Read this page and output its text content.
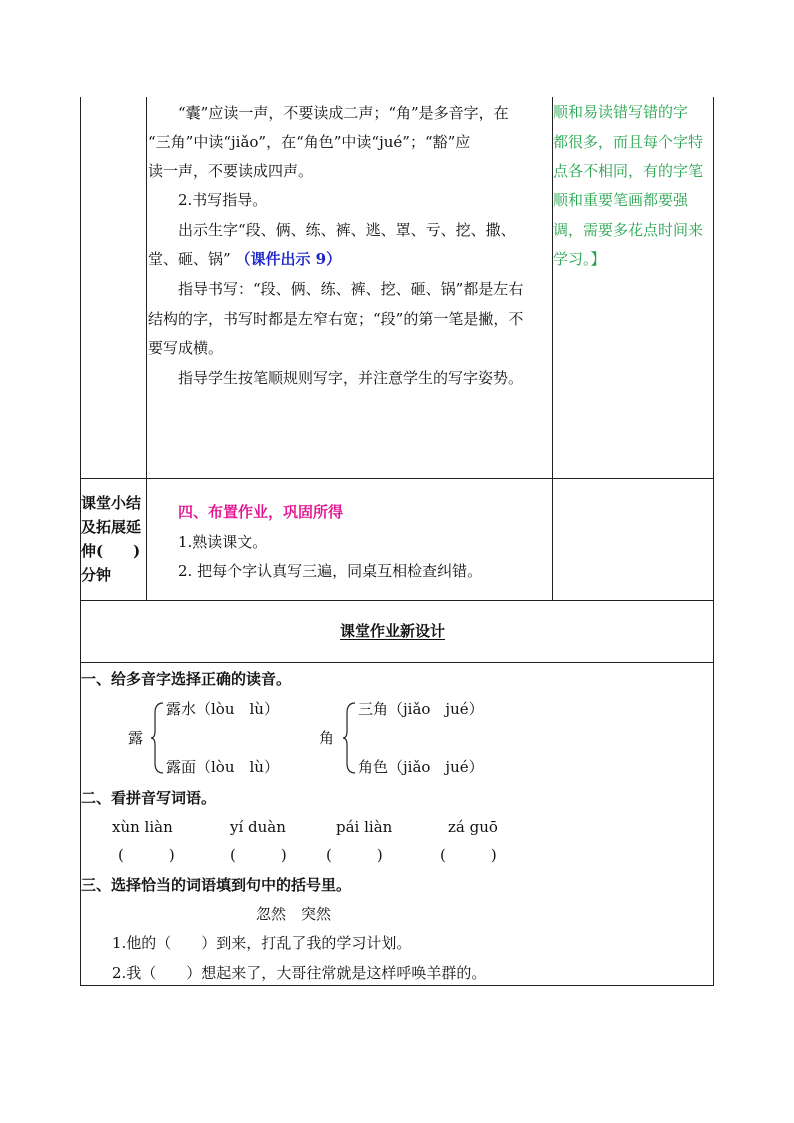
“囊”应读一声，不要读成二声；“角”是多音字，在
“三角”中读“jiǎo”，在“角色”中读“jué”；“豁”应
读一声，不要读成四声。
2.书写指导。
出示生字“段、俩、练、裤、逃、罩、亏、挖、撒、
堂、砸、锅” （课件出示 9）
指导书写：“段、俩、练、裤、挖、砸、锅”都是左右
结构的字，书写时都是左窄右宽；“段”的第一笔是撇，不
要写成横。
指导学生按笔顺规则写字，并注意学生的写字姿势。
顺和易读错写错的字
都很多，而且每个字特
点各不相同，有的字笔
顺和重要笔画都要强
调，需要多花点时间来
学习。】
课堂小结
及拓展延
伸(　　)
分钟
四、布置作业，巩固所得
1.熟读课文。
2. 把每个字认真写三遍，同桌互相检查纠错。
课堂作业新设计
一、给多音字选择正确的读音。
露
露水（lòu　lù）
露面（lòu　lù）
角
三角（jiǎo　jué）
角色（jiǎo　jué）
二、看拼音写词语。
xùn liàn	yí duàn	pái liàn	zá guō
(　　　)	(　　　)	(　　　)	(　　　)
三、选择恰当的词语填到句中的括号里。
忽然　突然
1.他的（　　）到来，打乱了我的学习计划。
2.我（　　）想起来了，大哥往常就是这样呼唤羊群的。
